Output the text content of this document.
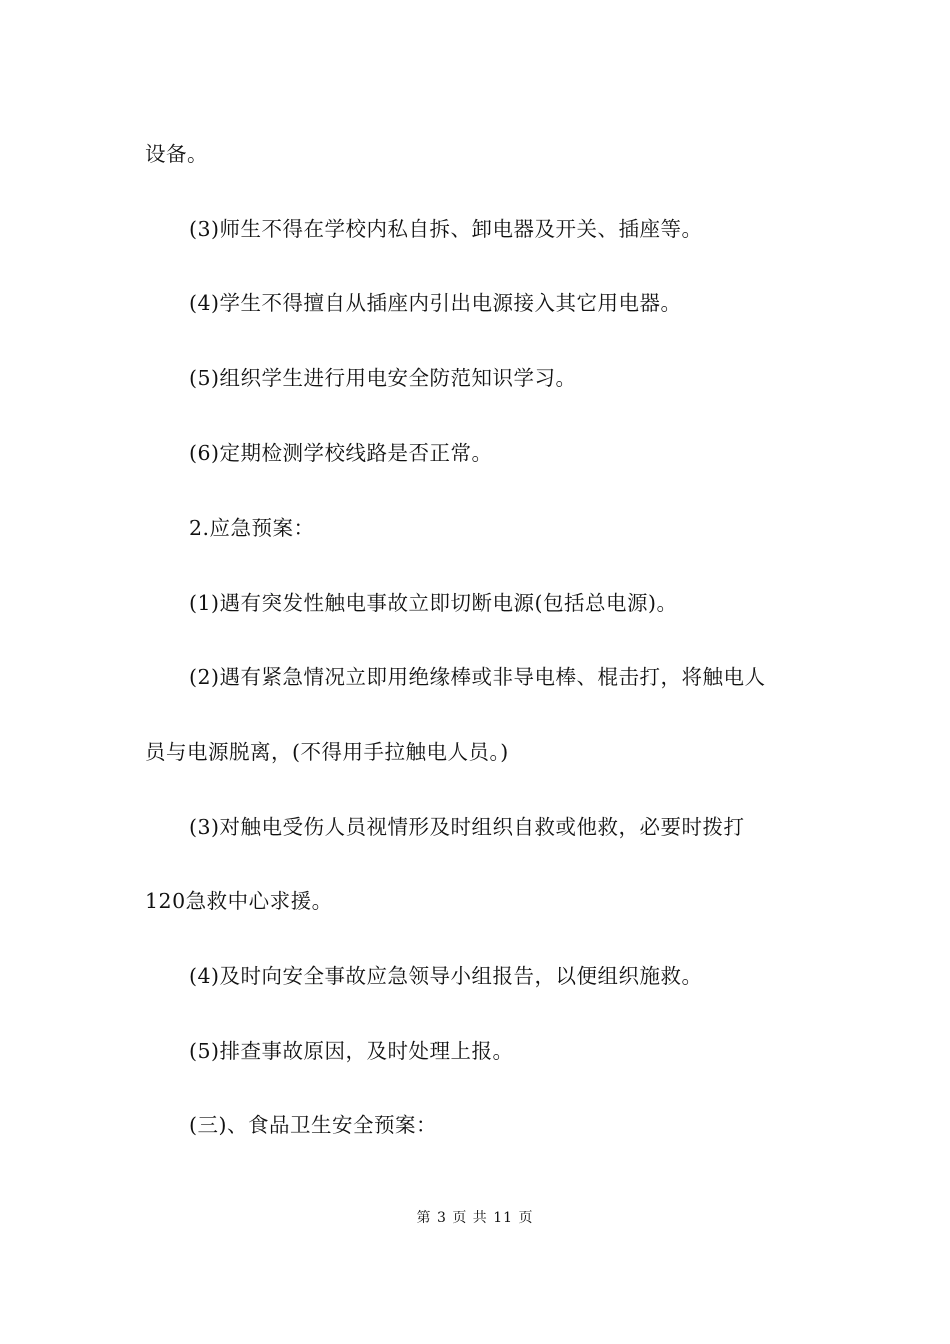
设备。
(3)师生不得在学校内私自拆、卸电器及开关、插座等。
(4)学生不得擅自从插座内引出电源接入其它用电器。
(5)组织学生进行用电安全防范知识学习。
(6)定期检测学校线路是否正常。
2.应急预案：
(1)遇有突发性触电事故立即切断电源(包括总电源)。
(2)遇有紧急情况立即用绝缘棒或非导电棒、棍击打，将触电人
员与电源脱离，(不得用手拉触电人员。)
(3)对触电受伤人员视情形及时组织自救或他救，必要时拨打
120急救中心求援。
(4)及时向安全事故应急领导小组报告，以便组织施救。
(5)排查事故原因，及时处理上报。
(三)、食品卫生安全预案：
第 3 页 共 11 页
